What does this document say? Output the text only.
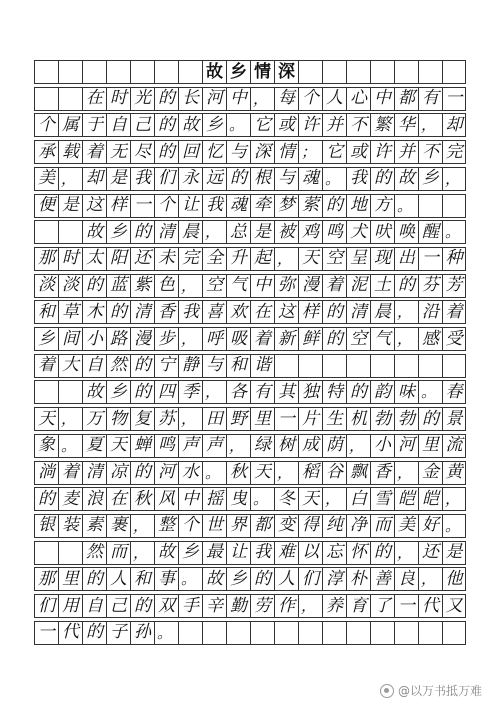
故 乡 情 深
在 时 光 的 长 河 中 ， 每 个 人 心 中 都 有 一
个 属 于 自 己 的 故 乡 。 它 或 许 并 不 繁 华 ， 却
承 载 着 无 尽 的 回 忆 与 深 情 ； 它 或 许 并 不 完
美 ， 却 是 我 们 永 远 的 根 与 魂 。 我 的 故 乡 ，
便 是 这 样 一 个 让 我 魂 牵 梦 萦 的 地 方 。
故 乡 的 清 晨 ， 总 是 被 鸡 鸣 犬 吠 唤 醒 。
那 时 太 阳 还 未 完 全 升 起 ， 天 空 呈 现 出 一 种
淡 淡 的 蓝 紫 色 ， 空 气 中 弥 漫 着 泥 土 的 芬 芳
和 草 木 的 清 香 我 喜 欢 在 这 样 的 清 晨 ， 沿 着
乡 间 小 路 漫 步 ， 呼 吸 着 新 鲜 的 空 气 ， 感 受
着 大 自 然 的 宁 静 与 和 谐
故 乡 的 四 季 ， 各 有 其 独 特 的 韵 味 。 春
天 ， 万 物 复 苏 ， 田 野 里 一 片 生 机 勃 勃 的 景
象 。 夏 天 蝉 鸣 声 声 ， 绿 树 成 荫 ， 小 河 里 流
淌 着 清 凉 的 河 水 。 秋 天 ， 稻 谷 飘 香 ， 金 黄
的 麦 浪 在 秋 风 中 摇 曳 。 冬 天 ， 白 雪 皑 皑 ，
银 装 素 裹 ， 整 个 世 界 都 变 得 纯 净 而 美 好 。
然 而 ， 故 乡 最 让 我 难 以 忘 怀 的 ， 还 是
那 里 的 人 和 事 。 故 乡 的 人 们 淳 朴 善 良 ， 他
们 用 自 己 的 双 手 辛 勤 劳 作 ， 养 育 了 一 代 又
一 代 的 子 孙 。
@以万书抵万难
